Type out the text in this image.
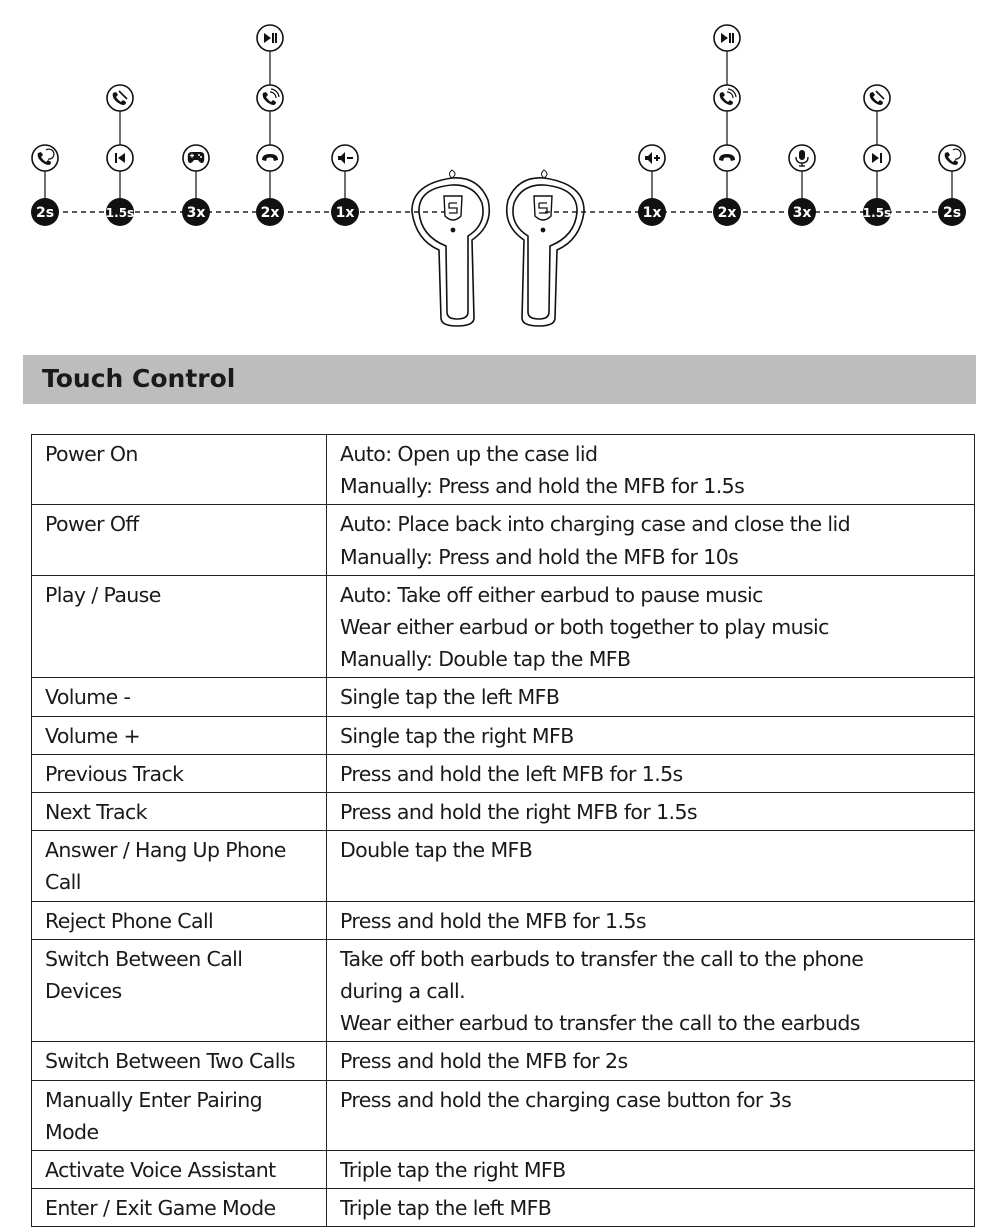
2s	1.5s	3x	2x	1x	1x	2x	3x	1.5s	2s
Touch Control
Power On	Auto: Open up the case lid
Manually: Press and hold the MFB for 1.5s

Power Off	Auto: Place back into charging case and close the lid
Manually: Press and hold the MFB for 10s

Play / Pause	Auto: Take off either earbud to pause music
Wear either earbud or both together to play music
Manually: Double tap the MFB

Volume -	Single tap the left MFB

Volume +	Single tap the right MFB

Previous Track	Press and hold the left MFB for 1.5s

Next Track	Press and hold the right MFB for 1.5s

Answer / Hang Up Phone Call	Double tap the MFB

Reject Phone Call	Press and hold the MFB for 1.5s

Switch Between Call Devices	Take off both earbuds to transfer the call to the phone
during a call.
Wear either earbud to transfer the call to the earbuds

Switch Between Two Calls	Press and hold the MFB for 2s

Manually Enter Pairing Mode	Press and hold the charging case button for 3s

Activate Voice Assistant	Triple tap the right MFB

Enter / Exit Game Mode	Triple tap the left MFB
